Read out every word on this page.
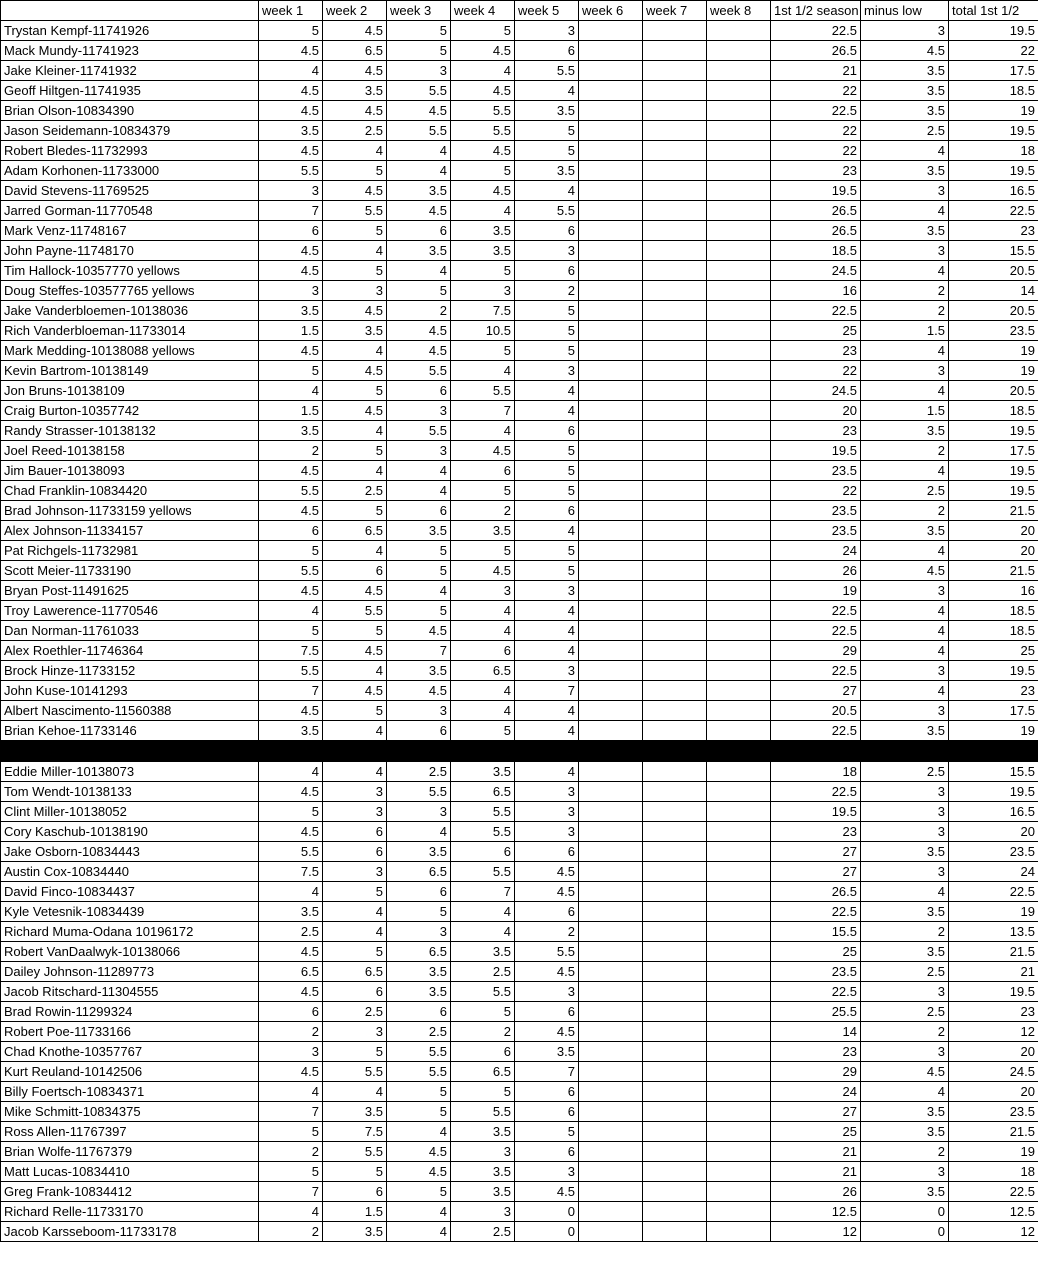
	week 1	week 2	week 3	week 4	week 5	week 6	week 7	week 8	1st 1/2 season	minus low	total 1st 1/2
Trystan Kempf-11741926	5	4.5	5	5	3				22.5	3	19.5
Mack Mundy-11741923	4.5	6.5	5	4.5	6				26.5	4.5	22
Jake Kleiner-11741932	4	4.5	3	4	5.5				21	3.5	17.5
Geoff Hiltgen-11741935	4.5	3.5	5.5	4.5	4				22	3.5	18.5
Brian Olson-10834390	4.5	4.5	4.5	5.5	3.5				22.5	3.5	19
Jason Seidemann-10834379	3.5	2.5	5.5	5.5	5				22	2.5	19.5
Robert Bledes-11732993	4.5	4	4	4.5	5				22	4	18
Adam Korhonen-11733000	5.5	5	4	5	3.5				23	3.5	19.5
David Stevens-11769525	3	4.5	3.5	4.5	4				19.5	3	16.5
Jarred Gorman-11770548	7	5.5	4.5	4	5.5				26.5	4	22.5
Mark Venz-11748167	6	5	6	3.5	6				26.5	3.5	23
John Payne-11748170	4.5	4	3.5	3.5	3				18.5	3	15.5
Tim Hallock-10357770 yellows	4.5	5	4	5	6				24.5	4	20.5
Doug Steffes-103577765 yellows	3	3	5	3	2				16	2	14
Jake Vanderbloemen-10138036	3.5	4.5	2	7.5	5				22.5	2	20.5
Rich Vanderbloeman-11733014	1.5	3.5	4.5	10.5	5				25	1.5	23.5
Mark Medding-10138088 yellows	4.5	4	4.5	5	5				23	4	19
Kevin Bartrom-10138149	5	4.5	5.5	4	3				22	3	19
Jon Bruns-10138109	4	5	6	5.5	4				24.5	4	20.5
Craig Burton-10357742	1.5	4.5	3	7	4				20	1.5	18.5
Randy Strasser-10138132	3.5	4	5.5	4	6				23	3.5	19.5
Joel Reed-10138158	2	5	3	4.5	5				19.5	2	17.5
Jim Bauer-10138093	4.5	4	4	6	5				23.5	4	19.5
Chad Franklin-10834420	5.5	2.5	4	5	5				22	2.5	19.5
Brad Johnson-11733159 yellows	4.5	5	6	2	6				23.5	2	21.5
Alex Johnson-11334157	6	6.5	3.5	3.5	4				23.5	3.5	20
Pat Richgels-11732981	5	4	5	5	5				24	4	20
Scott Meier-11733190	5.5	6	5	4.5	5				26	4.5	21.5
Bryan Post-11491625	4.5	4.5	4	3	3				19	3	16
Troy Lawerence-11770546	4	5.5	5	4	4				22.5	4	18.5
Dan Norman-11761033	5	5	4.5	4	4				22.5	4	18.5
Alex Roethler-11746364	7.5	4.5	7	6	4				29	4	25
Brock Hinze-11733152	5.5	4	3.5	6.5	3				22.5	3	19.5
John Kuse-10141293	7	4.5	4.5	4	7				27	4	23
Albert Nascimento-11560388	4.5	5	3	4	4				20.5	3	17.5
Brian Kehoe-11733146	3.5	4	6	5	4				22.5	3.5	19

Eddie Miller-10138073	4	4	2.5	3.5	4				18	2.5	15.5
Tom Wendt-10138133	4.5	3	5.5	6.5	3				22.5	3	19.5
Clint Miller-10138052	5	3	3	5.5	3				19.5	3	16.5
Cory Kaschub-10138190	4.5	6	4	5.5	3				23	3	20
Jake Osborn-10834443	5.5	6	3.5	6	6				27	3.5	23.5
Austin Cox-10834440	7.5	3	6.5	5.5	4.5				27	3	24
David Finco-10834437	4	5	6	7	4.5				26.5	4	22.5
Kyle Vetesnik-10834439	3.5	4	5	4	6				22.5	3.5	19
Richard Muma-Odana 10196172	2.5	4	3	4	2				15.5	2	13.5
Robert VanDaalwyk-10138066	4.5	5	6.5	3.5	5.5				25	3.5	21.5
Dailey Johnson-11289773	6.5	6.5	3.5	2.5	4.5				23.5	2.5	21
Jacob Ritschard-11304555	4.5	6	3.5	5.5	3				22.5	3	19.5
Brad Rowin-11299324	6	2.5	6	5	6				25.5	2.5	23
Robert Poe-11733166	2	3	2.5	2	4.5				14	2	12
Chad Knothe-10357767	3	5	5.5	6	3.5				23	3	20
Kurt Reuland-10142506	4.5	5.5	5.5	6.5	7				29	4.5	24.5
Billy Foertsch-10834371	4	4	5	5	6				24	4	20
Mike Schmitt-10834375	7	3.5	5	5.5	6				27	3.5	23.5
Ross Allen-11767397	5	7.5	4	3.5	5				25	3.5	21.5
Brian Wolfe-11767379	2	5.5	4.5	3	6				21	2	19
Matt Lucas-10834410	5	5	4.5	3.5	3				21	3	18
Greg Frank-10834412	7	6	5	3.5	4.5				26	3.5	22.5
Richard Relle-11733170	4	1.5	4	3	0				12.5	0	12.5
Jacob Karsseboom-11733178	2	3.5	4	2.5	0				12	0	12
